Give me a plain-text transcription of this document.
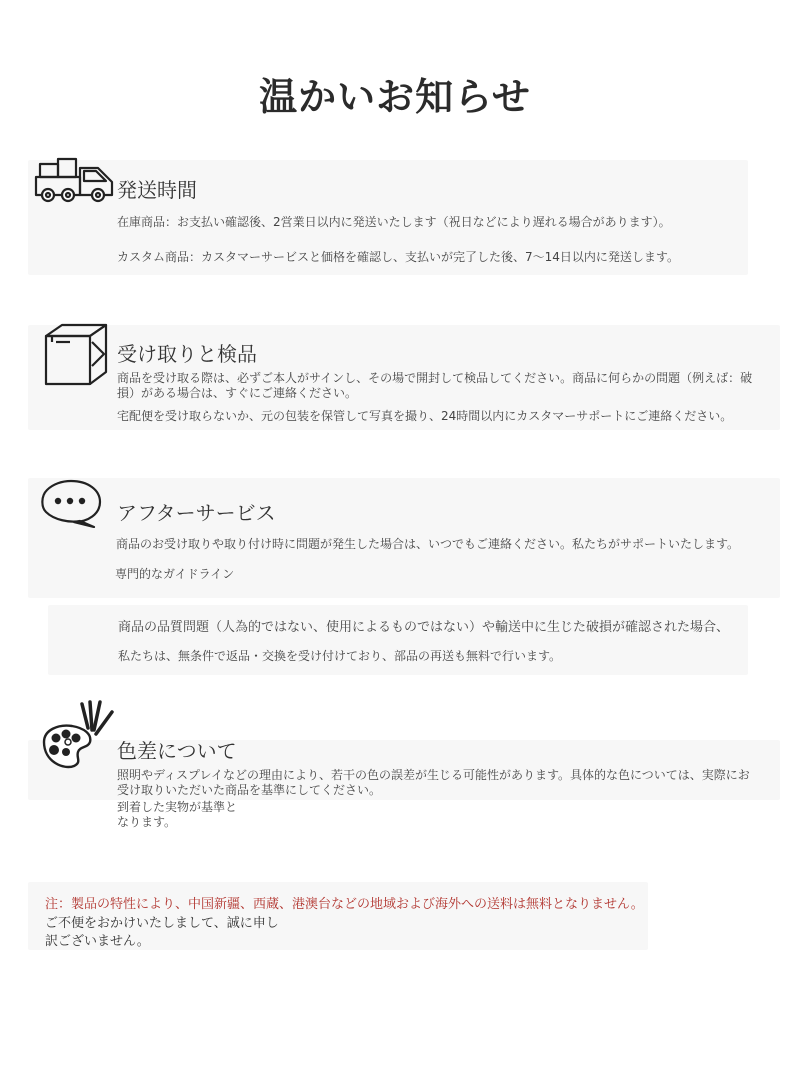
温かいお知らせ
発送時間
在庫商品：お支払い確認後、2営業日以内に発送いたします（祝日などにより遅れる場合があります）。
カスタム商品：カスタマーサービスと価格を確認し、支払いが完了した後、7〜14日以内に発送します。
受け取りと検品
商品を受け取る際は、必ずご本人がサインし、その場で開封して検品してください。商品に何らかの問題（例えば：破損）がある場合は、すぐにご連絡ください。
宅配便を受け取らないか、元の包装を保管して写真を撮り、24時間以内にカスタマーサポートにご連絡ください。
アフターサービス
商品のお受け取りや取り付け時に問題が発生した場合は、いつでもご連絡ください。私たちがサポートいたします。
専門的なガイドライン
商品の品質問題（人為的ではない、使用によるものではない）や輸送中に生じた破損が確認された場合、
私たちは、無条件で返品・交換を受け付けており、部品の再送も無料で行います。
色差について
照明やディスプレイなどの理由により、若干の色の誤差が生じる可能性があります。具体的な色については、実際にお受け取りいただいた商品を基準にしてください。
到着した実物が基準となります。
注：製品の特性により、中国新疆、西蔵、港澳台などの地域および海外への送料は無料となりません。
ご不便をおかけいたしまして、誠に申し訳ございません。
